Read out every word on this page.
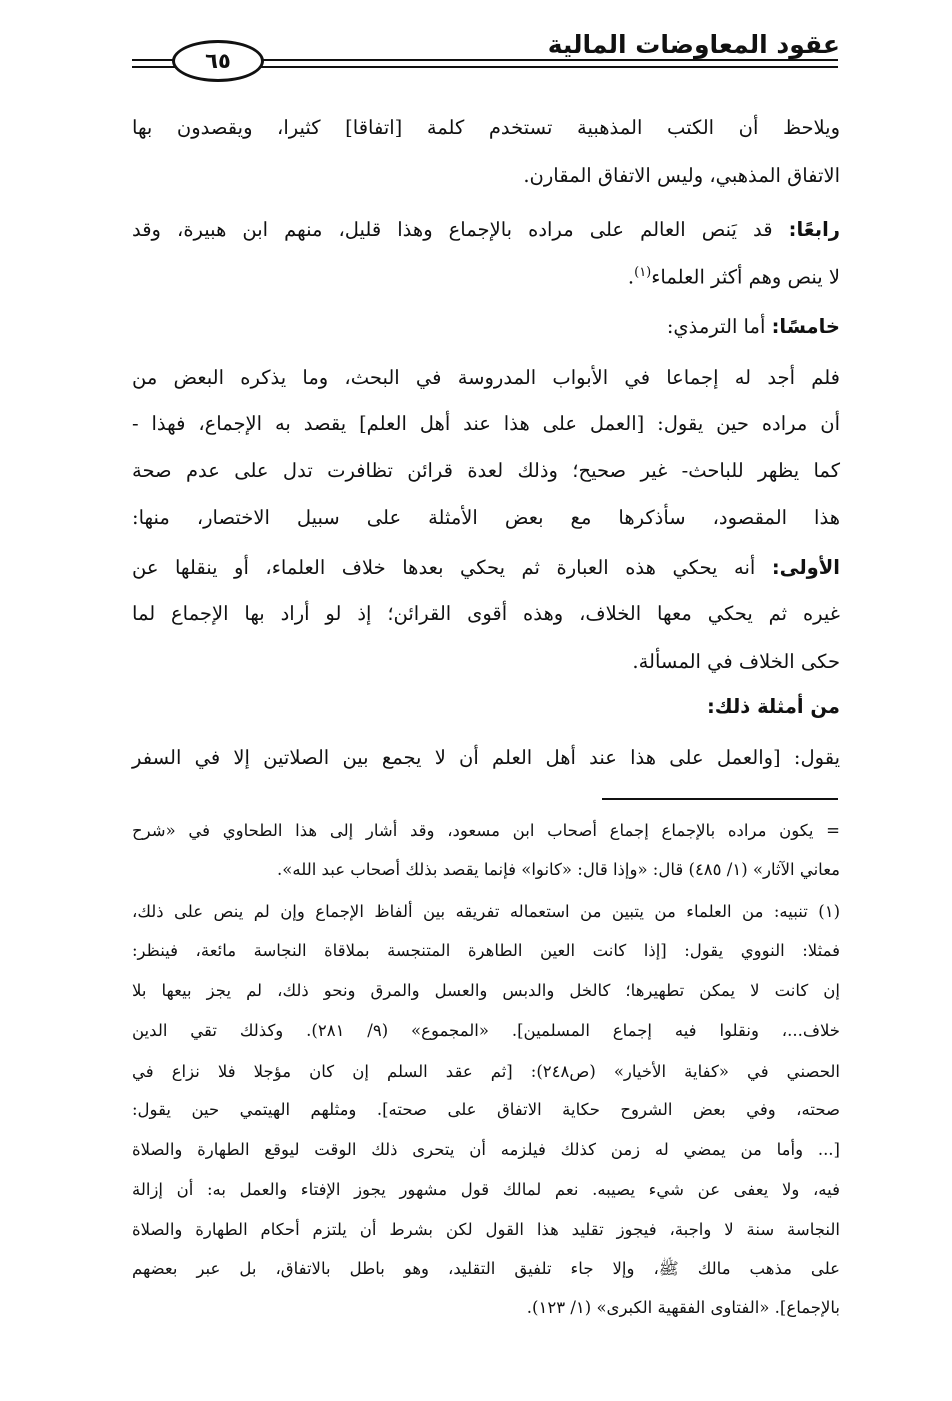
عقود المعاوضات المالية
٦٥
ويلاحظ أن الكتب المذهبية تستخدم كلمة [اتفاقا] كثيرا، ويقصدون بها
الاتفاق المذهبي، وليس الاتفاق المقارن.
رابعًا: قد يَنص العالم على مراده بالإجماع وهذا قليل، منهم ابن هبيرة، وقد
لا ينص وهم أكثر العلماء$^{(١)}$.
خامسًا: أما الترمذي:
فلم أجد له إجماعا في الأبواب المدروسة في البحث، وما يذكره البعض من
أن مراده حين يقول: [العمل على هذا عند أهل العلم] يقصد به الإجماع، فهذا -
كما يظهر للباحث- غير صحيح؛ وذلك لعدة قرائن تظافرت تدل على عدم صحة
هذا المقصود، سأذكرها مع بعض الأمثلة على سبيل الاختصار، منها:
الأولى: أنه يحكي هذه العبارة ثم يحكي بعدها خلاف العلماء، أو ينقلها عن
غيره ثم يحكي معها الخلاف، وهذه أقوى القرائن؛ إذ لو أراد بها الإجماع لما
حكى الخلاف في المسألة.
من أمثلة ذلك:
يقول: [والعمل على هذا عند أهل العلم أن لا يجمع بين الصلاتين إلا في السفر
= يكون مراده بالإجماع إجماع أصحاب ابن مسعود، وقد أشار إلى هذا الطحاوي في «شرح
معاني الآثار» (١/ ٤٨٥) قال: «وإذا قال: «كانوا» فإنما يقصد بذلك أصحاب عبد الله».
(١) تنبيه: من العلماء من يتبين من استعماله تفريقه بين ألفاظ الإجماع وإن لم ينص على ذلك،
فمثلا: النووي يقول: [إذا كانت العين الطاهرة المتنجسة بملاقاة النجاسة مائعة، فينظر:
إن كانت لا يمكن تطهيرها؛ كالخل والدبس والعسل والمرق ونحو ذلك، لم يجز بيعها بلا
خلاف...، ونقلوا فيه إجماع المسلمين]. «المجموع» (٩/ ٢٨١). وكذلك تقي الدين
الحصني في «كفاية الأخيار» (ص٢٤٨): [ثم عقد السلم إن كان مؤجلا فلا نزاع في
صحته، وفي بعض الشروح حكاية الاتفاق على صحته]. ومثلهم الهيتمي حين يقول:
[... وأما من يمضي له زمن كذلك فيلزمه أن يتحرى ذلك الوقت ليوقع الطهارة والصلاة
فيه، ولا يعفى عن شيء يصيبه. نعم لمالك قول مشهور يجوز الإفتاء والعمل به: أن إزالة
النجاسة سنة لا واجبة، فيجوز تقليد هذا القول لكن بشرط أن يلتزم أحكام الطهارة والصلاة
على مذهب مالك ﷺ، وإلا جاء تلفيق التقليد، وهو باطل بالاتفاق، بل عبر بعضهم
بالإجماع]. «الفتاوى الفقهية الكبرى» (١/ ١٢٣).
